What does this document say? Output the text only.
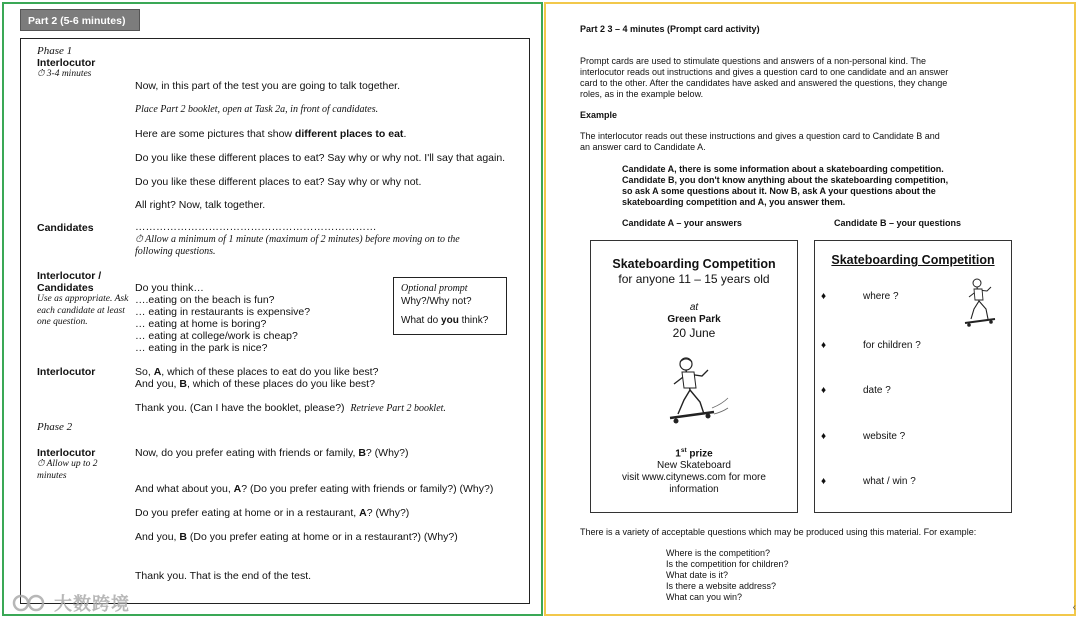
Part 2 (5-6 minutes)
Phase 1
Interlocutor
⏱ 3-4 minutes
Now, in this part of the test you are going to talk together.
Place Part 2 booklet, open at Task 2a, in front of candidates.
Here are some pictures that show different places to eat.
Do you like these different places to eat? Say why or why not. I'll say that again.
Do you like these different places to eat? Say why or why not.
All right? Now, talk together.
Candidates	……………………………………………………………
⏱ Allow a minimum of 1 minute (maximum of 2 minutes) before moving on to the following questions.
Interlocutor / Candidates
Use as appropriate. Ask each candidate at least one question.
Do you think…
….eating on the beach is fun?
… eating in restaurants is expensive?
… eating at home is boring?
… eating at college/work is cheap?
… eating in the park is nice?
Optional prompt
Why?/Why not?
What do you think?
Interlocutor	So, A, which of these places to eat do you like best?
And you, B, which of these places do you like best?
Thank you. (Can I have the booklet, please?) Retrieve Part 2 booklet.
Phase 2
Interlocutor
⏱ Allow up to 2 minutes
Now, do you prefer eating with friends or family, B? (Why?)
And what about you, A? (Do you prefer eating with friends or family?) (Why?)
Do you prefer eating at home or in a restaurant, A? (Why?)
And you, B (Do you prefer eating at home or in a restaurant?) (Why?)
Thank you. That is the end of the test.
大数跨境
Part 2 3 – 4 minutes (Prompt card activity)
Prompt cards are used to stimulate questions and answers of a non-personal kind. The
interlocutor reads out instructions and gives a question card to one candidate and an answer
card to the other. After the candidates have asked and answered the questions, they change
roles, as in the example below.
Example
The interlocutor reads out these instructions and gives a question card to Candidate B and
an answer card to Candidate A.
Candidate A, there is some information about a skateboarding competition.
Candidate B, you don't know anything about the skateboarding competition,
so ask A some questions about it. Now B, ask A your questions about the
skateboarding competition and A, you answer them.
Candidate A – your answers	Candidate B – your questions
Skateboarding Competition
for anyone 11 – 15 years old
at
Green Park
20 June
1st prize
New Skateboard
visit www.citynews.com for more
information
Skateboarding Competition
♦	where ?
♦	for children ?
♦	date ?
♦	website ?
♦	what / win ?
There is a variety of acceptable questions which may be produced using this material. For example:
Where is the competition?
Is the competition for children?
What date is it?
Is there a website address?
What can you win?
‹
